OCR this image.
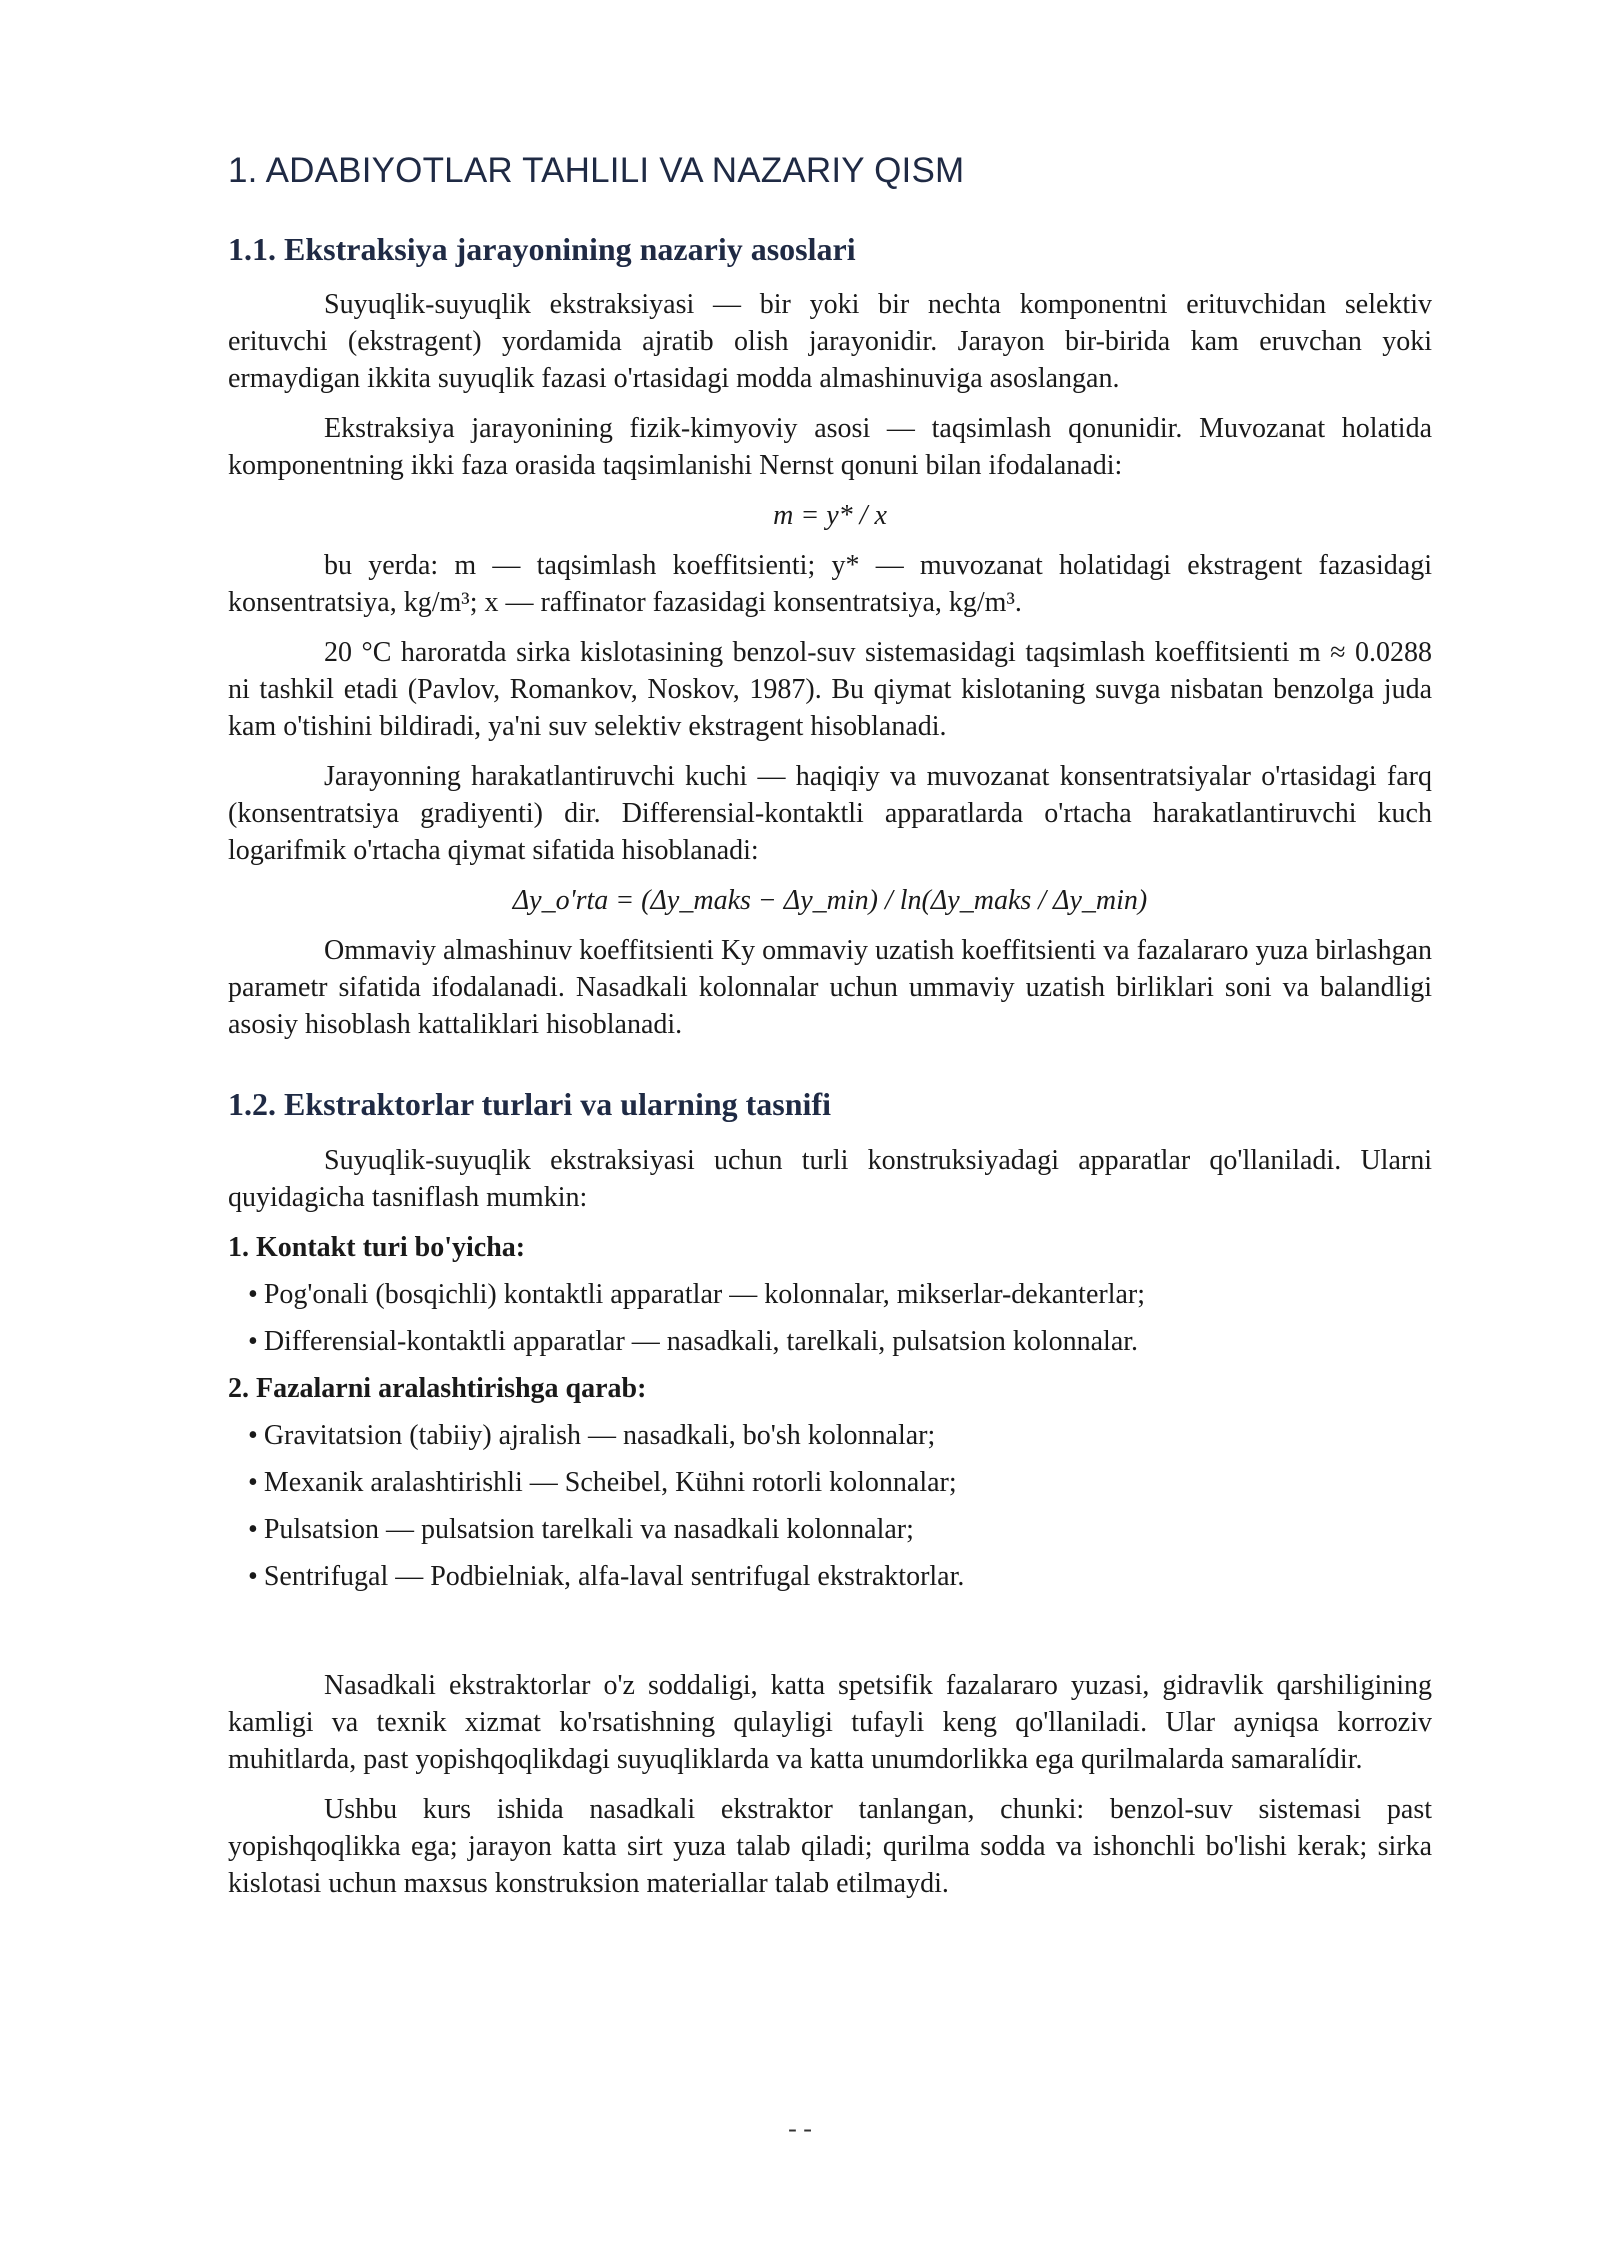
1. ADABIYOTLAR TAHLILI VA NAZARIY QISM
1.1. Ekstraksiya jarayonining nazariy asoslari

Suyuqlik-suyuqlik ekstraksiyasi — bir yoki bir nechta komponentni erituvchidan selektiv erituvchi (ekstragent) yordamida ajratib olish jarayonidir. Jarayon bir-birida kam eruvchan yoki ermaydigan ikkita suyuqlik fazasi o'rtasidagi modda almashinuviga asoslangan.

Ekstraksiya jarayonining fizik-kimyoviy asosi — taqsimlash qonunidir. Muvozanat holatida komponentning ikki faza orasida taqsimlanishi Nernst qonuni bilan ifodalanadi:

m = y* / x

bu yerda: m — taqsimlash koeffitsienti; y* — muvozanat holatidagi ekstragent fazasidagi konsentratsiya, kg/m³; x — raffinator fazasidagi konsentratsiya, kg/m³.

20 °C haroratda sirka kislotasining benzol-suv sistemasidagi taqsimlash koeffitsienti m ≈ 0.0288 ni tashkil etadi (Pavlov, Romankov, Noskov, 1987). Bu qiymat kislotaning suvga nisbatan benzolga juda kam o'tishini bildiradi, ya'ni suv selektiv ekstragent hisoblanadi.

Jarayonning harakatlantiruvchi kuchi — haqiqiy va muvozanat konsentratsiyalar o'rtasidagi farq (konsentratsiya gradiyenti) dir. Differensial-kontaktli apparatlarda o'rtacha harakatlantiruvchi kuch logarifmik o'rtacha qiymat sifatida hisoblanadi:

Δy_o'rta = (Δy_maks − Δy_min) / ln(Δy_maks / Δy_min)

Ommaviy almashinuv koeffitsienti Ky ommaviy uzatish koeffitsienti va fazalararo yuza birlashgan parametr sifatida ifodalanadi. Nasadkali kolonnalar uchun ummaviy uzatish birliklari soni va balandligi asosiy hisoblash kattaliklari hisoblanadi.

1.2. Ekstraktorlar turlari va ularning tasnifi

Suyuqlik-suyuqlik ekstraksiyasi uchun turli konstruksiyadagi apparatlar qo'llaniladi. Ularni quyidagicha tasniflash mumkin:

1. Kontakt turi bo'yicha:
• Pog'onali (bosqichli) kontaktli apparatlar — kolonnalar, mikserlar-dekanterlar;
• Differensial-kontaktli apparatlar — nasadkali, tarelkali, pulsatsion kolonnalar.
2. Fazalarni aralashtirishga qarab:
• Gravitatsion (tabiiy) ajralish — nasadkali, bo'sh kolonnalar;
• Mexanik aralashtirishli — Scheibel, Kühni rotorli kolonnalar;
• Pulsatsion — pulsatsion tarelkali va nasadkali kolonnalar;
• Sentrifugal — Podbielniak, alfa-laval sentrifugal ekstraktorlar.

Nasadkali ekstraktorlar o'z soddaligi, katta spetsifik fazalararo yuzasi, gidravlik qarshiligining kamligi va texnik xizmat ko'rsatishning qulayligi tufayli keng qo'llaniladi. Ular ayniqsa korroziv muhitlarda, past yopishqoqlikdagi suyuqliklarda va katta unumdorlikka ega qurilmalarda samaralídir.

Ushbu kurs ishida nasadkali ekstraktor tanlangan, chunki: benzol-suv sistemasi past yopishqoqlikka ega; jarayon katta sirt yuza talab qiladi; qurilma sodda va ishonchli bo'lishi kerak; sirka kislotasi uchun maxsus konstruksion materiallar talab etilmaydi.

- -
